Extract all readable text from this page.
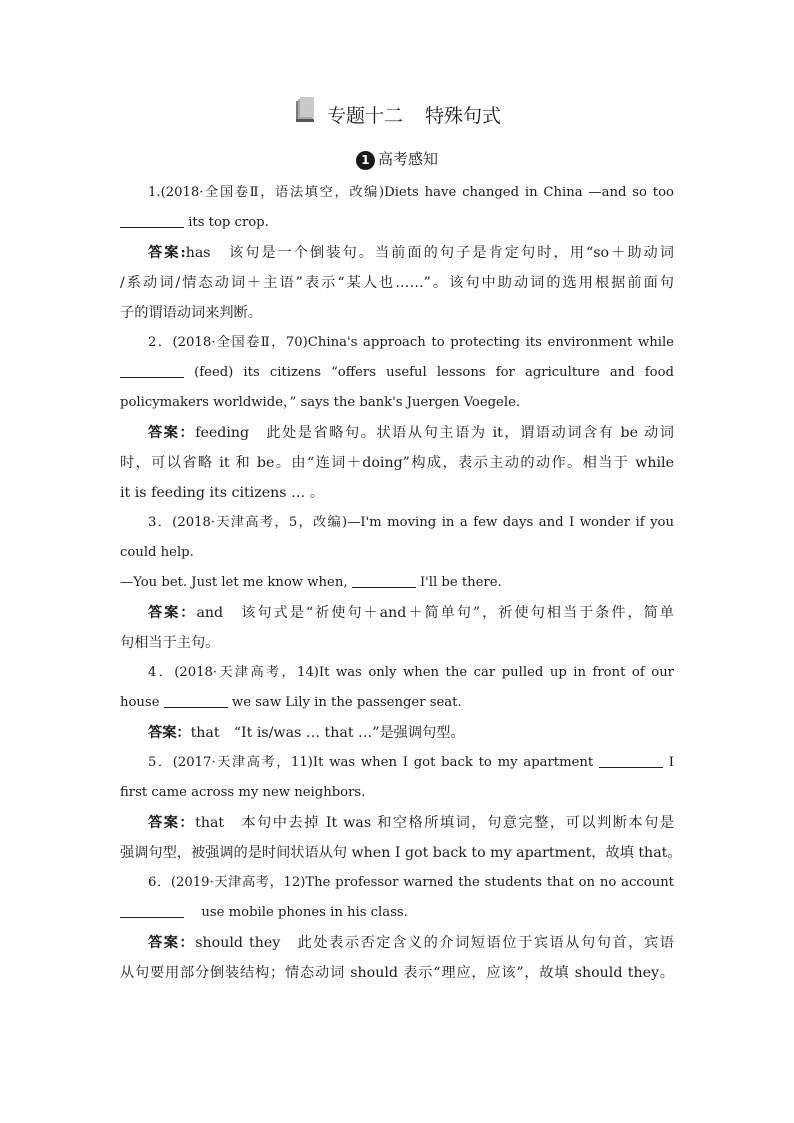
专题十二 特殊句式
1 高考感知
1.(2018·全国卷Ⅱ，语法填空，改编)Diets have changed in China —and so too
its top crop.
答案:has　该句是一个倒装句。当前面的句子是肯定句时，用“so＋助动词
/系动词/情态动词＋主语”表示“某人也……”。该句中助动词的选用根据前面句
子的谓语动词来判断。
2．(2018·全国卷Ⅱ，70)China's approach to protecting its environment while
(feed) its citizens “offers useful lessons for agriculture and food
policymakers worldwide，” says the bank's Juergen Voegele.
答案：feeding　此处是省略句。状语从句主语为 it，谓语动词含有 be 动词
时，可以省略 it 和 be。由“连词＋doing”构成，表示主动的动作。相当于 while
it is feeding its citizens … 。
3．(2018·天津高考，5，改编)—I'm moving in a few days and I wonder if you
could help.
—You bet. Just let me know when,	I'll be there.
答案：and　该句式是“祈使句＋and＋简单句”，祈使句相当于条件，简单
句相当于主句。
4．(2018·天津高考，14)It was only when the car pulled up in front of our
house	we saw Lily in the passenger seat.
答案：that　“It is/was … that …”是强调句型。
5．(2017·天津高考，11)It was when I got back to my apartment	I
first came across my new neighbors.
答案：that　本句中去掉 It was 和空格所填词，句意完整，可以判断本句是
强调句型，被强调的是时间状语从句 when I got back to my apartment，故填 that。
6．(2019·天津高考，12)The professor warned the students that on no account
　 use mobile phones in his class.
答案：should they　此处表示否定含义的介词短语位于宾语从句句首，宾语
从句要用部分倒装结构；情态动词 should 表示“理应，应该”，故填 should they。
